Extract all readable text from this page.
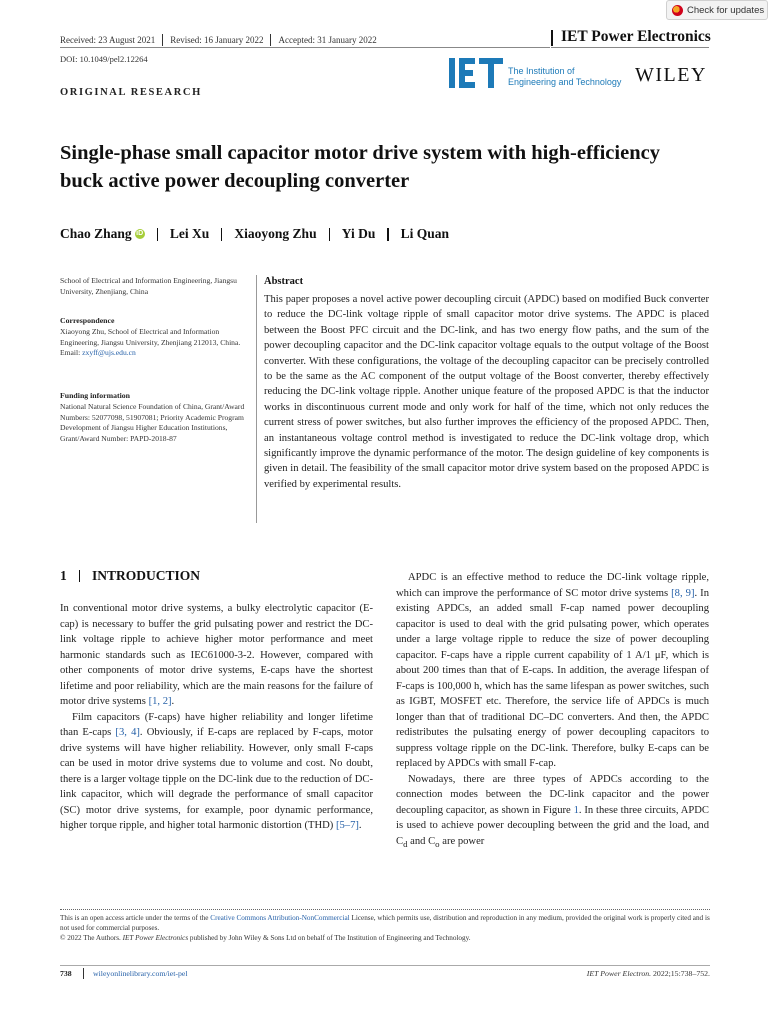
Check for updates
Received: 23 August 2021 Revised: 16 January 2022 Accepted: 31 January 2022	IET Power Electronics
DOI: 10.1049/pel2.12264
ORIGINAL RESEARCH
The Institution of
Engineering and Technology WILEY
Single-phase small capacitor motor drive system with high-efficiency buck active power decoupling converter
Chao Zhang iD Lei Xu Xiaoyong Zhu Yi Du Li Quan

School of Electrical and Information Engineering, Jiangsu University, Zhenjiang, China

Correspondence

Xiaoyong Zhu, School of Electrical and Information Engineering, Jiangsu University, Zhenjiang 212013, China.

Email: zxyff@ujs.edu.cn

Funding information

National Natural Science Foundation of China, Grant/Award Numbers: 52077098, 51907081; Priority Academic Program Development of Jiangsu Higher Education Institutions, Grant/Award Number: PAPD-2018-87

Abstract
This paper proposes a novel active power decoupling circuit (APDC) based on modified Buck converter to reduce the DC-link voltage ripple of small capacitor motor drive systems. The APDC is placed between the Boost PFC circuit and the DC-link, and has two energy flow paths, and the sum of the power decoupling capacitor and the DC-link capacitor voltage equals to the output voltage of the Boost converter. With these configurations, the voltage of the decoupling capacitor can be precisely controlled to be the same as the AC component of the output voltage of the Boost converter, thereby effectively reducing the DC-link voltage ripple. Another unique feature of the proposed APDC is that the inductor works in discontinuous current mode and only work for half of the time, which not only reduces the current stress of power switches, but also further improves the efficiency of the proposed APDC. Then, an instantaneous voltage control method is investigated to reduce the DC-link voltage drop, which significantly improve the dynamic performance of the motor. The design guideline of key components is given in detail. The feasibility of the small capacitor motor drive system based on the proposed APDC is verified by experimental results.
1 INTRODUCTION

In conventional motor drive systems, a bulky electrolytic capacitor (E-cap) is necessary to buffer the grid pulsating power and restrict the DC-link voltage ripple to achieve higher motor performance and meet harmonic standards such as IEC61000-3-2. However, compared with other components of motor drive systems, E-caps have the shortest lifetime and poor reliability, which are the main reasons for the failure of motor drive systems [1, 2].

Film capacitors (F-caps) have higher reliability and longer lifetime than E-caps [3, 4]. Obviously, if E-caps are replaced by F-caps, motor drive systems will have higher reliability. However, only small F-caps can be used in motor drive systems due to volume and cost. No doubt, there is a larger voltage tipple on the DC-link due to the reduction of DC-link capacitor, which will degrade the performance of small capacitor (SC) motor drive systems, for example, poor dynamic performance, higher torque ripple, and higher total harmonic distortion (THD) [5–7].

APDC is an effective method to reduce the DC-link voltage ripple, which can improve the performance of SC motor drive systems [8, 9]. In existing APDCs, an added small F-cap named power decoupling capacitor is used to deal with the grid pulsating power, which operates under a large voltage ripple to reduce the size of power decoupling capacitor. F-caps have a ripple current capability of 1 A/1 μF, which is about 200 times than that of E-caps. In addition, the average lifespan of F-caps is 100,000 h, which has the same lifespan as power switches, such as IGBT, MOSFET etc. Therefore, the service life of APDCs is much longer than that of traditional DC–DC converters. And then, the APDC redistributes the pulsating energy of power decoupling capacitors to suppress voltage ripple on the DC-link. Therefore, bulky E-caps can be replaced by APDCs with small F-cap.

Nowadays, there are three types of APDCs according to the connection modes between the DC-link capacitor and the power decoupling capacitor, as shown in Figure 1. In these three circuits, APDC is used to achieve power decoupling between the grid and the load, and $C_d$ and $C_o$ are power

This is an open access article under the terms of the Creative Commons Attribution-NonCommercial License, which permits use, distribution and reproduction in any medium, provided the original work is properly cited and is not used for commercial purposes.

© 2022 The Authors. IET Power Electronics published by John Wiley & Sons Ltd on behalf of The Institution of Engineering and Technology.

738	wileyonlinelibrary.com/iet-pel	IET Power Electron. 2022;15:738–752.
